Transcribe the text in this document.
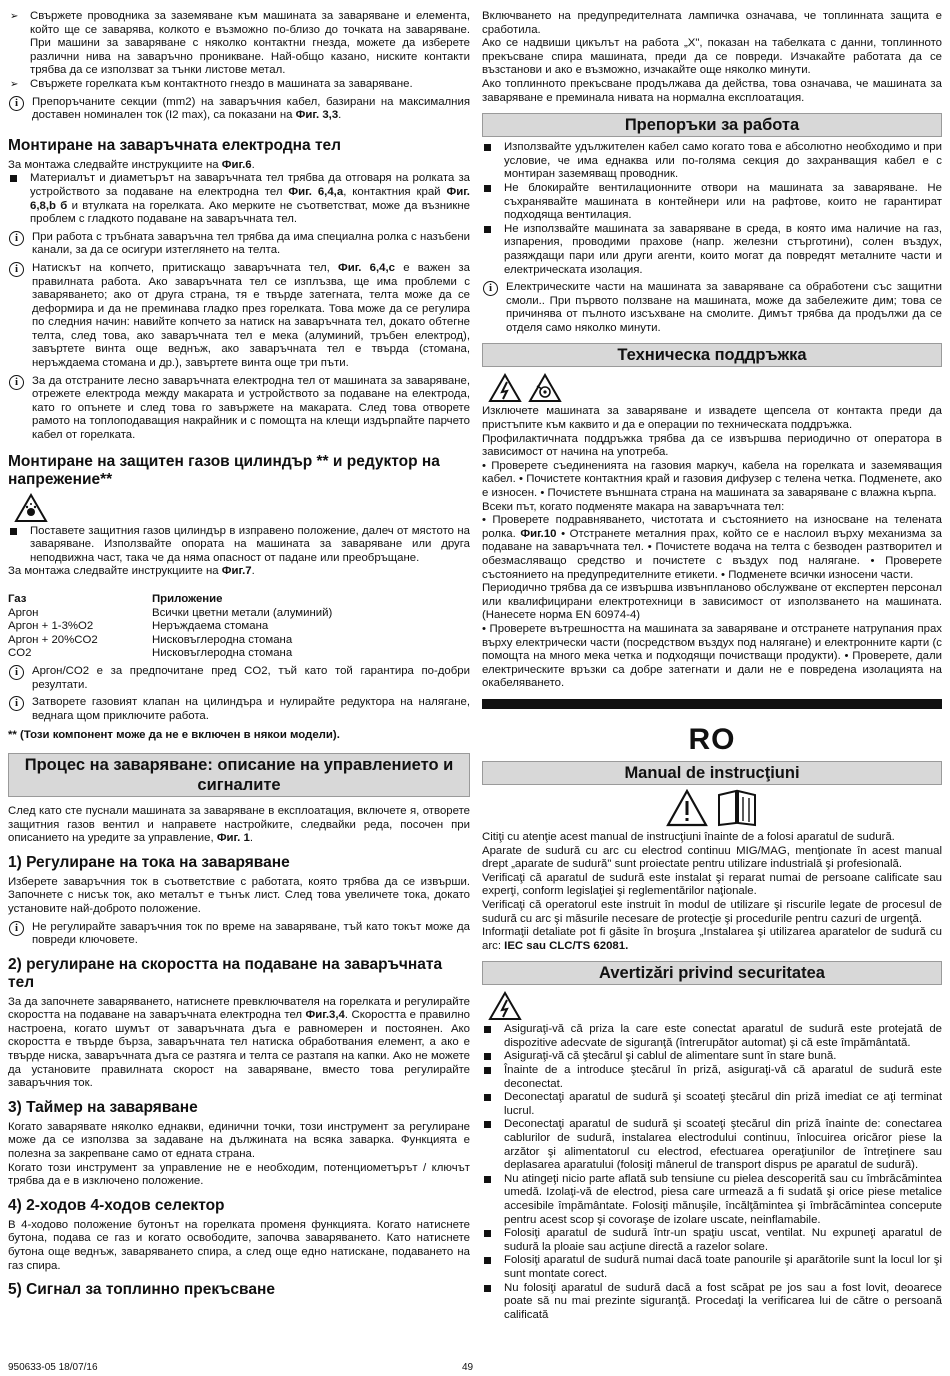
➢ Свържете проводника за заземяване към машината за заваряване и елемента, който ще се заварява, колкото е възможно по-близо до точката на заваряване. При машини за заваряване с няколко контактни гнезда, можете да изберете различни нива на заваръчно проникване. Най-общо казано, ниските контакти трябва да се използват за тънки листове метал.
➢ Свържете горелката към контактното гнездо в машината за заваряване.

i	Препоръчаните секции (mm2) на заваръчния кабел, базирани на максималния доставен номинален ток (I2 max), са показани на Фиг. 3,3.

Монтиране на заваръчната електродна тел

За монтажа следвайте инструкциите на Фиг.6.

Материалът и диаметърът на заваръчната тел трябва да отговаря на ролката за устройството за подаване на електродна тел Фиг. 6,4,а, контактния край Фиг. 6,8,b б и втулката на горелката. Ако мерките не съответстват, може да възникне проблем с гладкото подаване на заваръчната тел.

i	При работа с тръбната заваръчна тел трябва да има специална ролка с назъбени канали, за да се осигури изтеглянето на телта.

i	Натискът на копчето, притискащо заваръчната тел, Фиг. 6,4,c е важен за правилната работа. Ако заваръчната тел се изплъзва, ще има проблеми с заваряването; ако от друга страна, тя е твърде затегната, телта може да се деформира и да не преминава гладко през горелката. Това може да се регулира по следния начин: навийте копчето за натиск на заваръчната тел, докато обтегне телта, след това, ако заваръчната тел е мека (алуминий, тръбен електрод), завъртете винта още веднъж, ако заваръчната тел е твърда (стомана, неръждаема стомана и др.), завъртете винта още три пъти.

i	За да отстраните лесно заваръчната електродна тел от машината за заваряване, отрежете електрода между макарата и устройството за подаване на електрода, като го опънете и след това го завържете на макарата. След това отворете рамото на топлоподаващия накрайник и с помощта на клещи издърпайте парчето кабел от горелката.

Монтиране на защитен газов цилиндър ** и редуктор на напрежение**
Поставете защитния газов цилиндър в изправено положение, далеч от мястото на заваряване. Използвайте опората на машината за заваряване или друга неподвижна част, така че да няма опасност от падане или преобръщане.

За монтажа следвайте инструкциите на Фиг.7.

Газ	Приложение
Аргон	Всички цветни метали (алуминий)
Аргон + 1-3%O2	Неръждаема стомана
Аргон + 20%CO2	Нисковъглеродна стомана
CO2	Нисковъглеродна стомана

i	Аргон/CO2 е за предпочитане пред CO2, тъй като той гарантира по-добри резултати.

i	Затворете газовият клапан на цилиндъра и нулирайте редуктора на налягане, веднага щом приключите работа.

** (Този компонент може да не е включен в някои модели).

Процес на заваряване: описание на управлението и сигналите

След като сте пуснали машината за заваряване в експлоатация, включете я, отворете защитния газов вентил и направете настройките, следвайки реда, посочен при описанието на уредите за управление, Фиг. 1.

1) Регулиране на тока на заваряване

Изберете заваръчния ток в съответствие с работата, която трябва да се извърши. Започнете с нисък ток, ако металът е тънък лист. След това увеличете тока, докато установите най-доброто положение.

i	Не регулирайте заваръчния ток по време на заваряване, тъй като токът може да повреди ключовете.

2) регулиране на скоростта на подаване на заваръчната тел

За да започнете заваряването, натиснете превключвателя на горелката и регулирайте скоростта на подаване на заваръчната електродна тел Фиг.3,4. Скоростта е правилно настроена, когато шумът от заваръчната дъга е равномерен и постоянен. Ако скоростта е твърде бърза, заваръчната тел натиска обработвания елемент, а ако е твърде ниска, заваръчната дъга се разтяга и телта се разтапя на капки. Ако не можете да установите правилната скорост на заваряване, вместо това регулирайте заваръчния ток.

3) Таймер на заваряване

Когато заварявате няколко еднакви, единични точки, този инструмент за регулиране може да се използва за задаване на дължината на всяка заварка. Функцията е полезна за закрепване само от едната страна.

Когато този инструмент за управление не е необходим, потенциометърът / ключът трябва да е в изключено положение.

4) 2-ходов 4-ходов селектор

В 4-ходово положение бутонът на горелката променя функцията. Когато натиснете бутона, подава се газ и когато освободите, започва заваряването. Като натиснете бутона още веднъж, заваряването спира, а след още едно натискане, подаването на газ спира.

5) Сигнал за топлинно прекъсване

Включването на предупредителната лампичка означава, че топлинната защита е сработила.

Ако се надвиши цикълът на работа „X", показан на табелката с данни, топлинното прекъсване спира машината, преди да се повреди. Изчакайте работата да се възстанови и ако е възможно, изчакайте още няколко минути.

Ако топлинното прекъсване продължава да действа, това означава, че машината за заваряване е преминала нивата на нормална експлоатация.

Препоръки за работа
Използвайте удължителен кабел само когато това е абсолютно необходимо и при условие, че има еднаква или по-голяма секция до захранващия кабел е с монтиран заземяващ проводник.
Не блокирайте вентилационните отвори на машината за заваряване. Не съхранявайте машината в контейнери или на рафтове, които не гарантират подходяща вентилация.
Не използвайте машината за заваряване в среда, в която има наличие на газ, изпарения, проводими прахове (напр. железни стърготини), солен въздух, разяждащи пари или други агенти, които могат да повредят металните части и електрическата изолация.

i	Електрическите части на машината за заваряване са обработени със защитни смоли.. При първото ползване на машината, може да забележите дим; това се причинява от пълното изсъхване на смолите. Димът трябва да продължи да се отделя само няколко минути.

Техническа поддръжка

Изключете машината за заваряване и извадете щепсела от контакта преди да пристъпите към каквито и да е операции по техническата поддръжка.

Профилактичната поддръжка трябва да се извършва периодично от оператора в зависимост от начина на употреба.

• Проверете съединенията на газовия маркуч, кабела на горелката и заземяващия кабел. • Почистете контактния край и газовия дифузер с телена четка. Подменете, ако е износен. • Почистете външната страна на машината за заваряване с влажна кърпа.

Всеки път, когато подменяте макара на заваръчната тел:

• Проверете подравняването, чистотата и състоянието на износване на телената ролка. Фиг.10 • Отстранете металния прах, който се е наслоил върху механизма за подаване на заваръчната тел. • Почистете водача на телта с безводен разтворител и обезмасляващо средство и почистете с въздух под налягане. • Проверете състоянието на предупредителните етикети. • Подменете всички износени части.

Периодично трябва да се извършва извънпланово обслужване от експертен персонал или квалифицирани електротехници в зависимост от използването на машината. (Нанесете норма EN 60974-4)

• Проверете вътрешността на машината за заваряване и отстранете натрупания прах върху електрически части (посредством въздух под налягане) и електронните карти (с помощта на много мека четка и подходящи почистващи продукти). • Проверете, дали електрическите връзки са добре затегнати и дали не е повредена изолацията на окабеляването.

RO
Manual de instrucţiuni

Citiţi cu atenţie acest manual de instrucţiuni înainte de a folosi aparatul de sudură.

Aparate de sudură cu arc cu electrod continuu MIG/MAG, menţionate în acest manual drept „aparate de sudură" sunt proiectate pentru utilizare industrială şi profesională.

Verificaţi că aparatul de sudură este instalat şi reparat numai de persoane calificate sau experţi, conform legislaţiei şi reglementărilor naţionale.

Verificaţi că operatorul este instruit în modul de utilizare şi riscurile legate de procesul de sudură cu arc şi măsurile necesare de protecţie şi procedurile pentru cazuri de urgenţă.

Informaţii detaliate pot fi găsite în broşura „Instalarea şi utilizarea aparatelor de sudură cu arc: IEC sau CLC/TS 62081.

Avertizări privind securitatea
Asiguraţi-vă că priza la care este conectat aparatul de sudură este protejată de dispozitive adecvate de siguranţă (întrerupător automat) şi că este împământată.
Asiguraţi-vă că ştecărul şi cablul de alimentare sunt în stare bună.
Înainte de a introduce ştecărul în priză, asiguraţi-vă că aparatul de sudură este deconectat.
Deconectaţi aparatul de sudură şi scoateţi ştecărul din priză imediat ce aţi terminat lucrul.
Deconectaţi aparatul de sudură şi scoateţi ştecărul din priză înainte de: conectarea cablurilor de sudură, instalarea electrodului continuu, înlocuirea oricăror piese la arzător şi alimentatorul cu electrod, efectuarea operaţiunilor de întreţinere sau deplasarea aparatului (folosiţi mânerul de transport dispus pe aparatul de sudură).
Nu atingeţi nicio parte aflată sub tensiune cu pielea descoperită sau cu îmbrăcămintea umedă. Izolaţi-vă de electrod, piesa care urmează a fi sudată şi orice piese metalice accesibile împământate. Folosiţi mănuşile, încălţămintea şi îmbrăcămintea concepute pentru acest scop şi covoraşe de izolare uscate, neinflamabile.
Folosiţi aparatul de sudură într-un spaţiu uscat, ventilat. Nu expuneţi aparatul de sudură la ploaie sau acţiune directă a razelor solare.
Folosiţi aparatul de sudură numai dacă toate panourile şi aparătorile sunt la locul lor şi sunt montate corect.
Nu folosiţi aparatul de sudură dacă a fost scăpat pe jos sau a fost lovit, deoarece poate să nu mai prezinte siguranţă. Procedaţi la verificarea lui de către o persoană calificată
950633-05 18/07/16	49
